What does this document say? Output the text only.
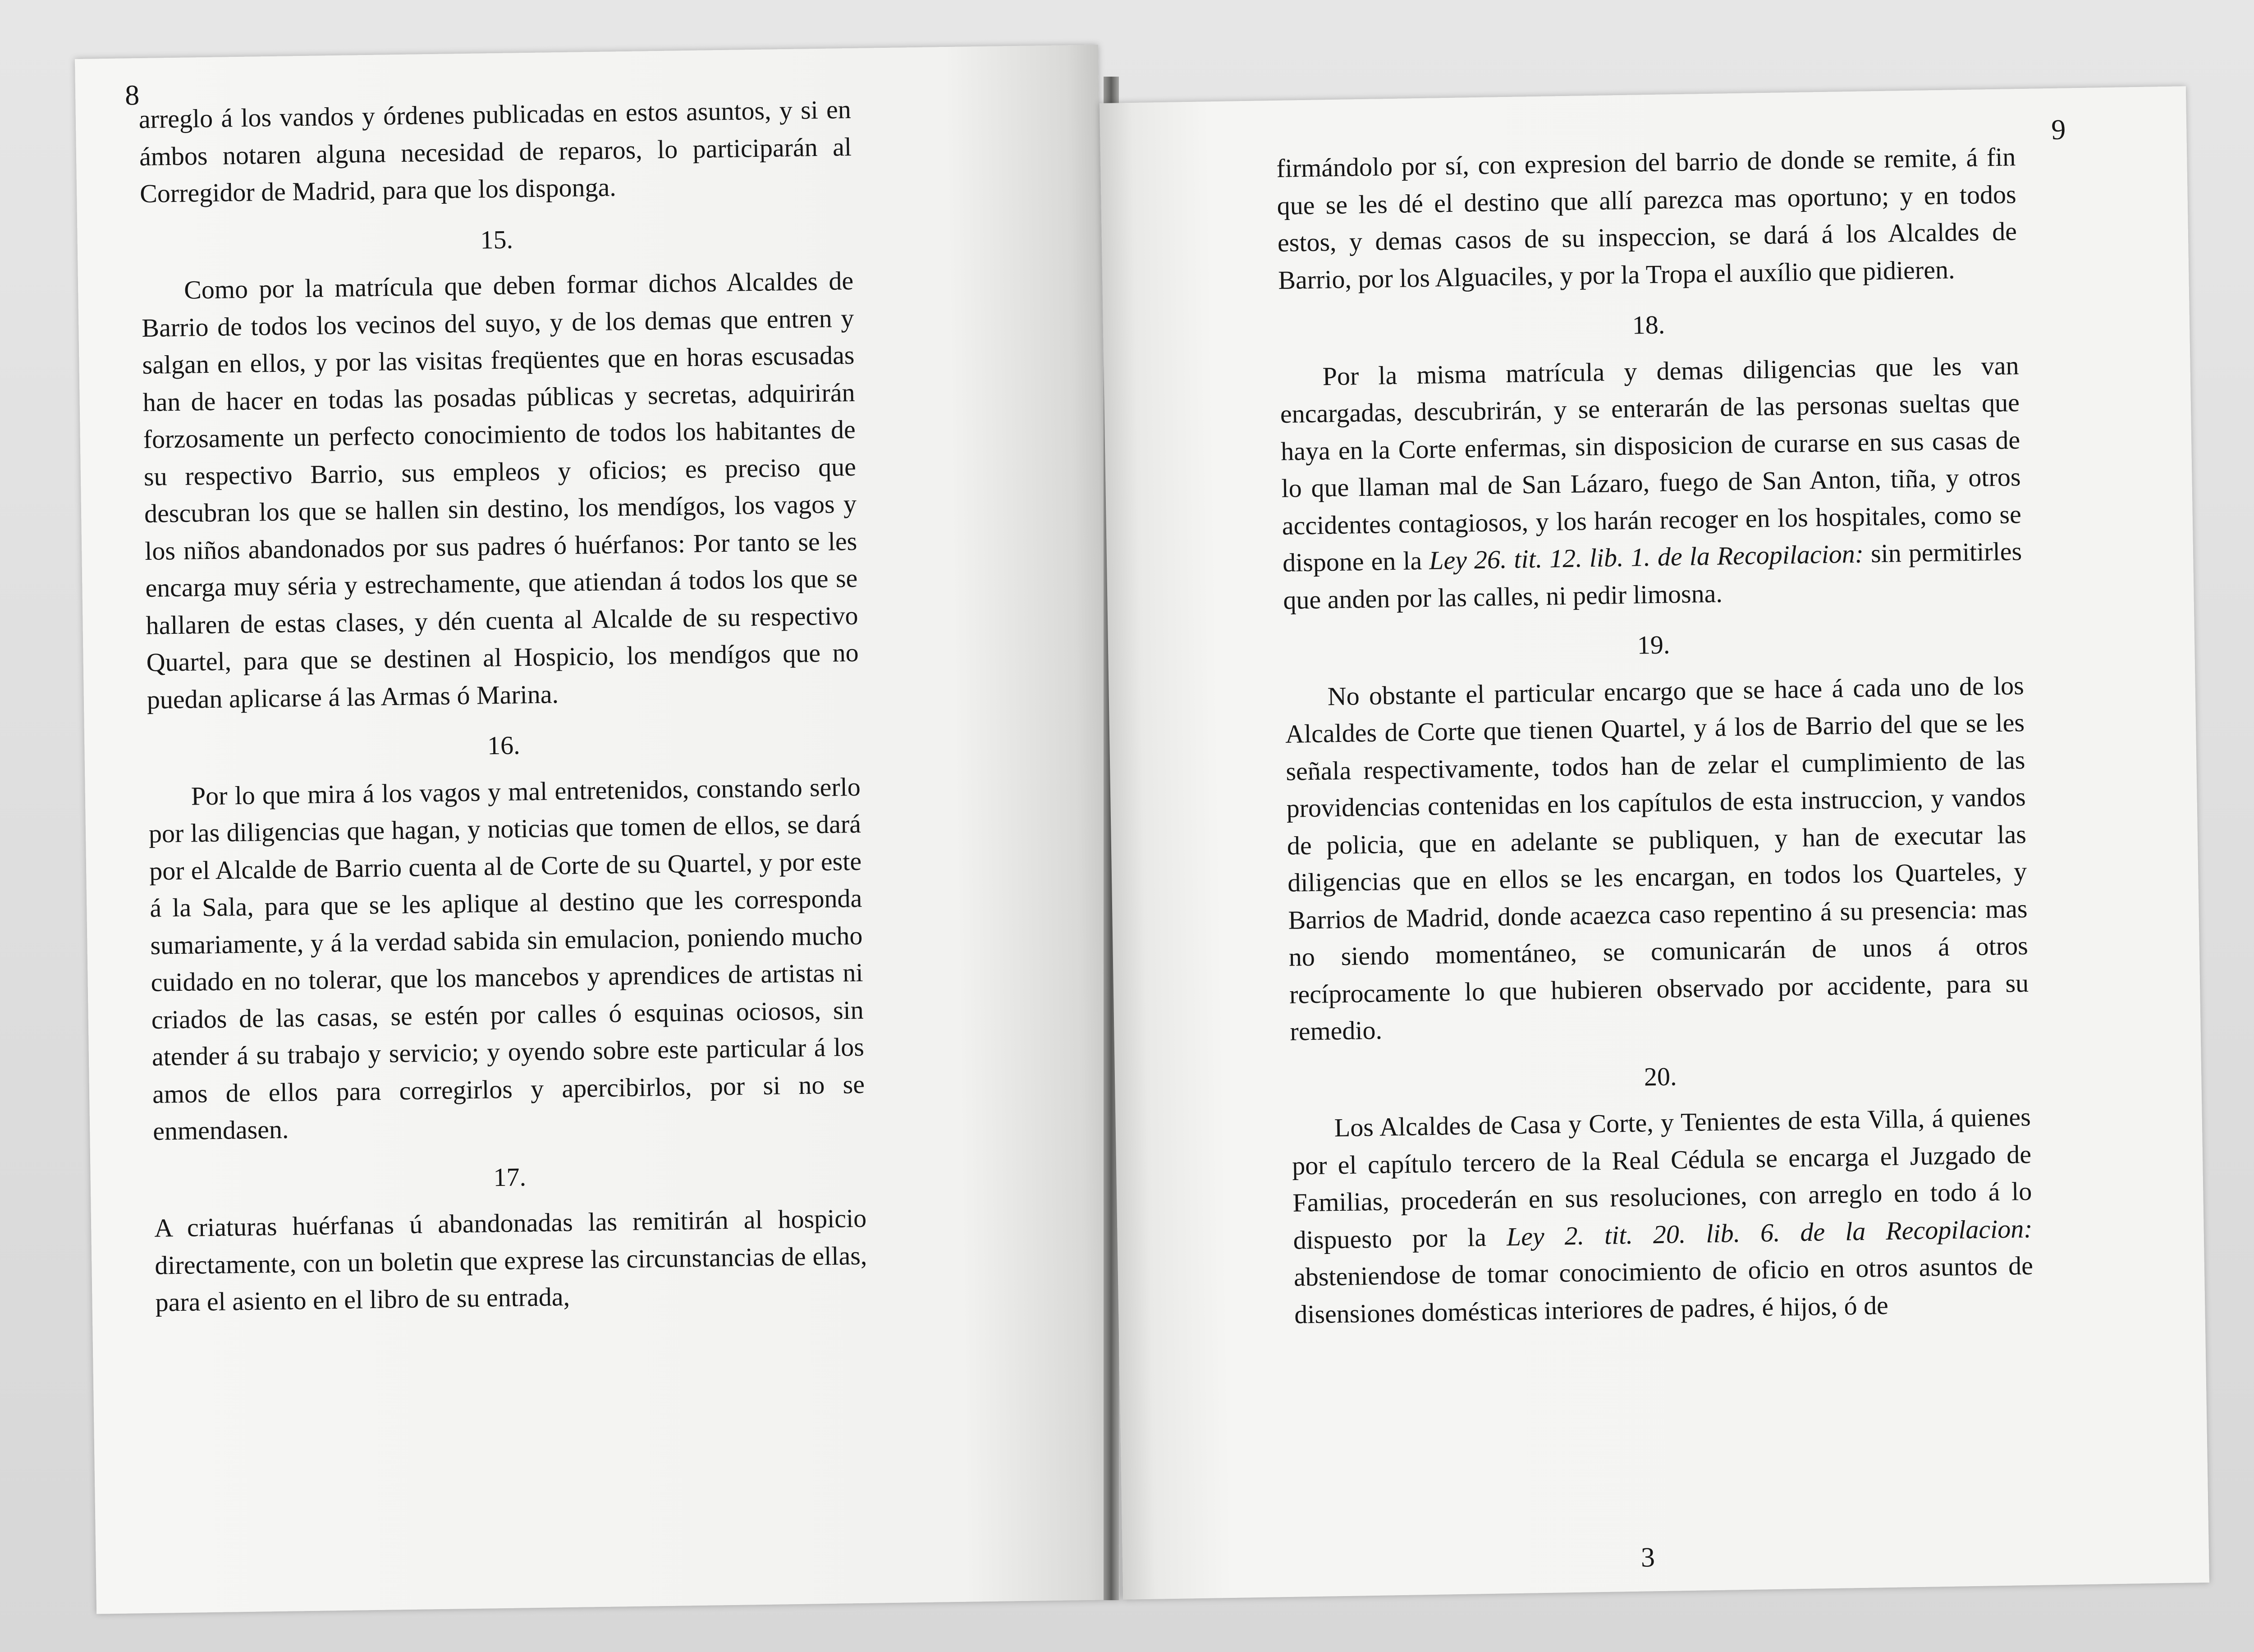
8

arreglo á los vandos y órdenes publicadas en estos asuntos, y si en ámbos notaren alguna necesidad de reparos, lo participarán al Corregidor de Madrid, para que los disponga.

15.

Como por la matrícula que deben formar dichos Alcaldes de Barrio de todos los vecinos del suyo, y de los demas que entren y salgan en ellos, y por las visitas freqüentes que en horas escusadas han de hacer en todas las posadas públicas y secretas, adquirirán forzosamente un perfecto conocimiento de todos los habitantes de su respectivo Barrio, sus empleos y oficios; es preciso que descubran los que se hallen sin destino, los mendígos, los vagos y los niños abandonados por sus padres ó huérfanos: Por tanto se les encarga muy séria y estrechamente, que atiendan á todos los que se hallaren de estas clases, y dén cuenta al Alcalde de su respectivo Quartel, para que se destinen al Hospicio, los mendígos que no puedan aplicarse á las Armas ó Marina.

16.

Por lo que mira á los vagos y mal entretenidos, constando serlo por las diligencias que hagan, y noticias que tomen de ellos, se dará por el Alcalde de Barrio cuenta al de Corte de su Quartel, y por este á la Sala, para que se les aplique al destino que les corresponda sumariamente, y á la verdad sabida sin emulacion, poniendo mucho cuidado en no tolerar, que los mancebos y aprendices de artistas ni criados de las casas, se estén por calles ó esquinas ociosos, sin atender á su trabajo y servicio; y oyendo sobre este particular á los amos de ellos para corregirlos y apercibirlos, por si no se enmendasen.

17.

A criaturas huérfanas ú abandonadas las remitirán al hospicio directamente, con un boletin que exprese las circunstancias de ellas, para el asiento en el libro de su entrada,

9

firmándolo por sí, con expresion del barrio de donde se remite, á fin que se les dé el destino que allí parezca mas oportuno; y en todos estos, y demas casos de su inspeccion, se dará á los Alcaldes de Barrio, por los Alguaciles, y por la Tropa el auxílio que pidieren.

18.

Por la misma matrícula y demas diligencias que les van encargadas, descubrirán, y se enterarán de las personas sueltas que haya en la Corte enfermas, sin disposicion de curarse en sus casas de lo que llaman mal de San Lázaro, fuego de San Anton, tiña, y otros accidentes contagiosos, y los harán recoger en los hospitales, como se dispone en la Ley 26. tit. 12. lib. 1. de la Recopilacion: sin permitirles que anden por las calles, ni pedir limosna.

19.

No obstante el particular encargo que se hace á cada uno de los Alcaldes de Corte que tienen Quartel, y á los de Barrio del que se les señala respectivamente, todos han de zelar el cumplimiento de las providencias contenidas en los capítulos de esta instruccion, y vandos de policia, que en adelante se publiquen, y han de executar las diligencias que en ellos se les encargan, en todos los Quarteles, y Barrios de Madrid, donde acaezca caso repentino á su presencia: mas no siendo momentáneo, se comunicarán de unos á otros recíprocamente lo que hubieren observado por accidente, para su remedio.

20.

Los Alcaldes de Casa y Corte, y Tenientes de esta Villa, á quienes por el capítulo tercero de la Real Cédula se encarga el Juzgado de Familias, procederán en sus resoluciones, con arreglo en todo á lo dispuesto por la Ley 2. tit. 20. lib. 6. de la Recopilacion: absteniendose de tomar conocimiento de oficio en otros asuntos de disensiones domésticas interiores de padres, é hijos, ó de

3
